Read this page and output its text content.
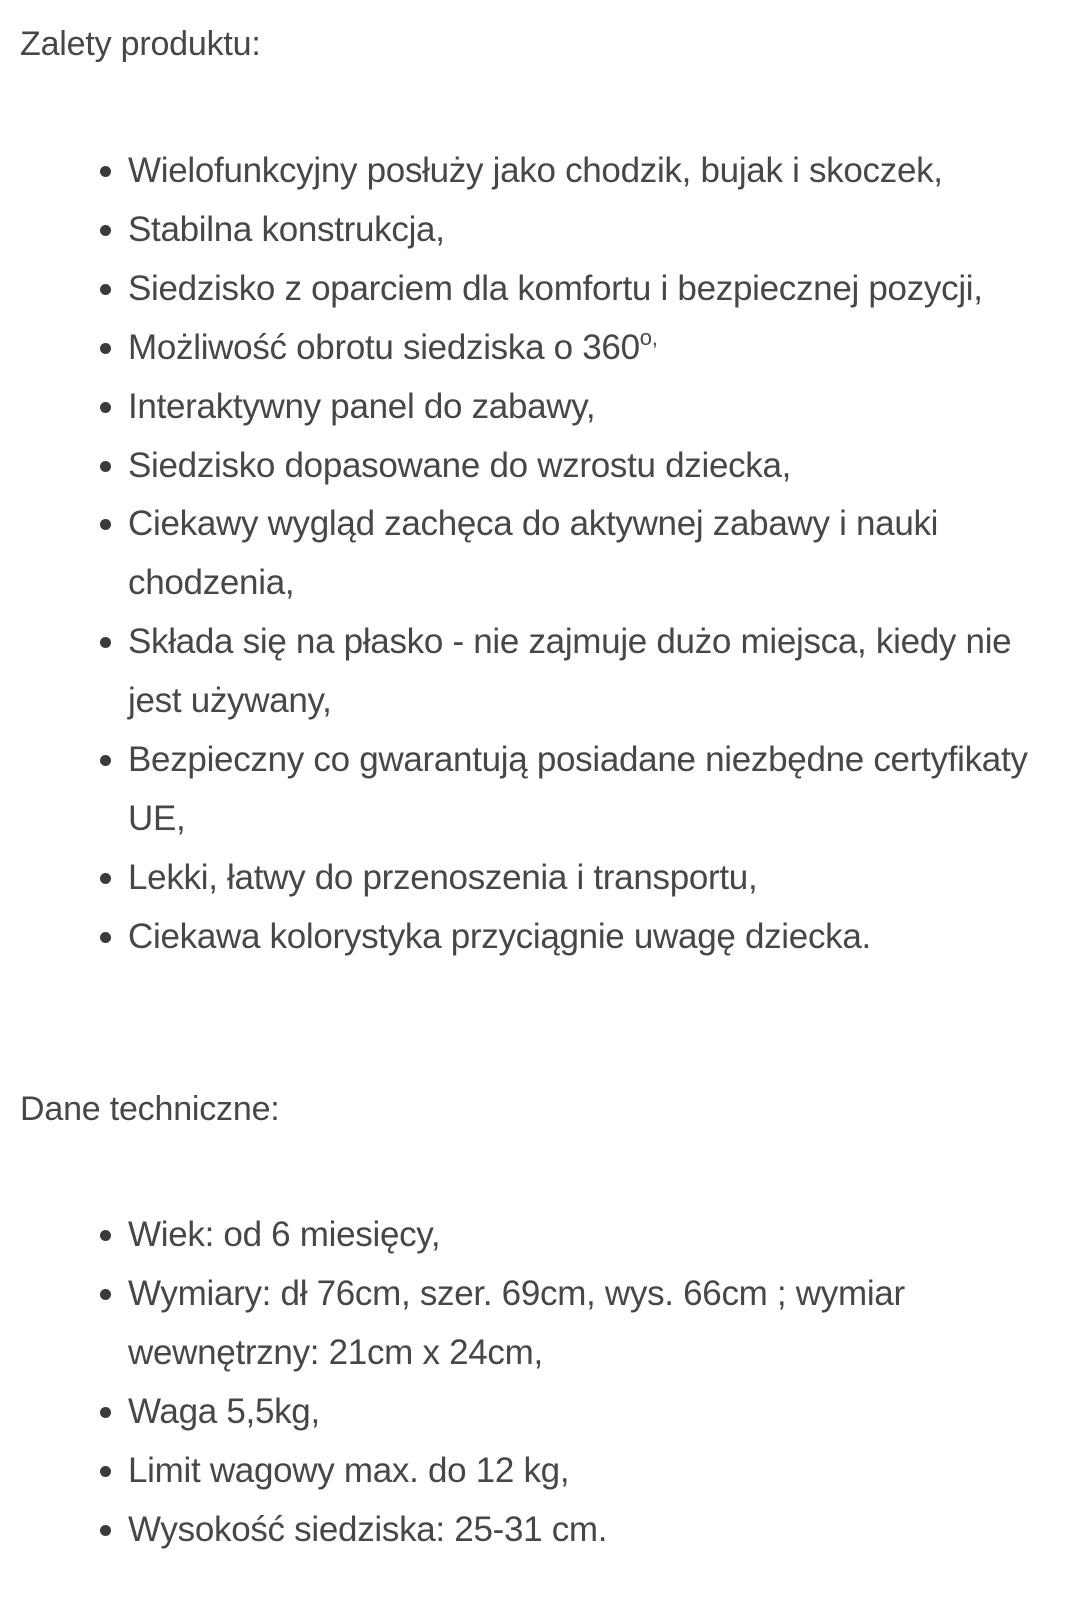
Zalety produktu:
Wielofunkcyjny posłuży jako chodzik, bujak i skoczek,
Stabilna konstrukcja,
Siedzisko z oparciem dla komfortu i bezpiecznej pozycji,
Możliwość obrotu siedziska o $360^{o,}$
Interaktywny panel do zabawy,
Siedzisko dopasowane do wzrostu dziecka,
Ciekawy wygląd zachęca do aktywnej zabawy i nauki chodzenia,
Składa się na płasko - nie zajmuje dużo miejsca, kiedy nie jest używany,
Bezpieczny co gwarantują posiadane niezbędne certyfikaty UE,
Lekki, łatwy do przenoszenia i transportu,
Ciekawa kolorystyka przyciągnie uwagę dziecka.
Dane techniczne:
Wiek: od 6 miesięcy,
Wymiary: dł 76cm, szer. 69cm, wys. 66cm ; wymiar wewnętrzny: 21cm x 24cm,
Waga 5,5kg,
Limit wagowy max. do 12 kg,
Wysokość siedziska: 25-31 cm.
